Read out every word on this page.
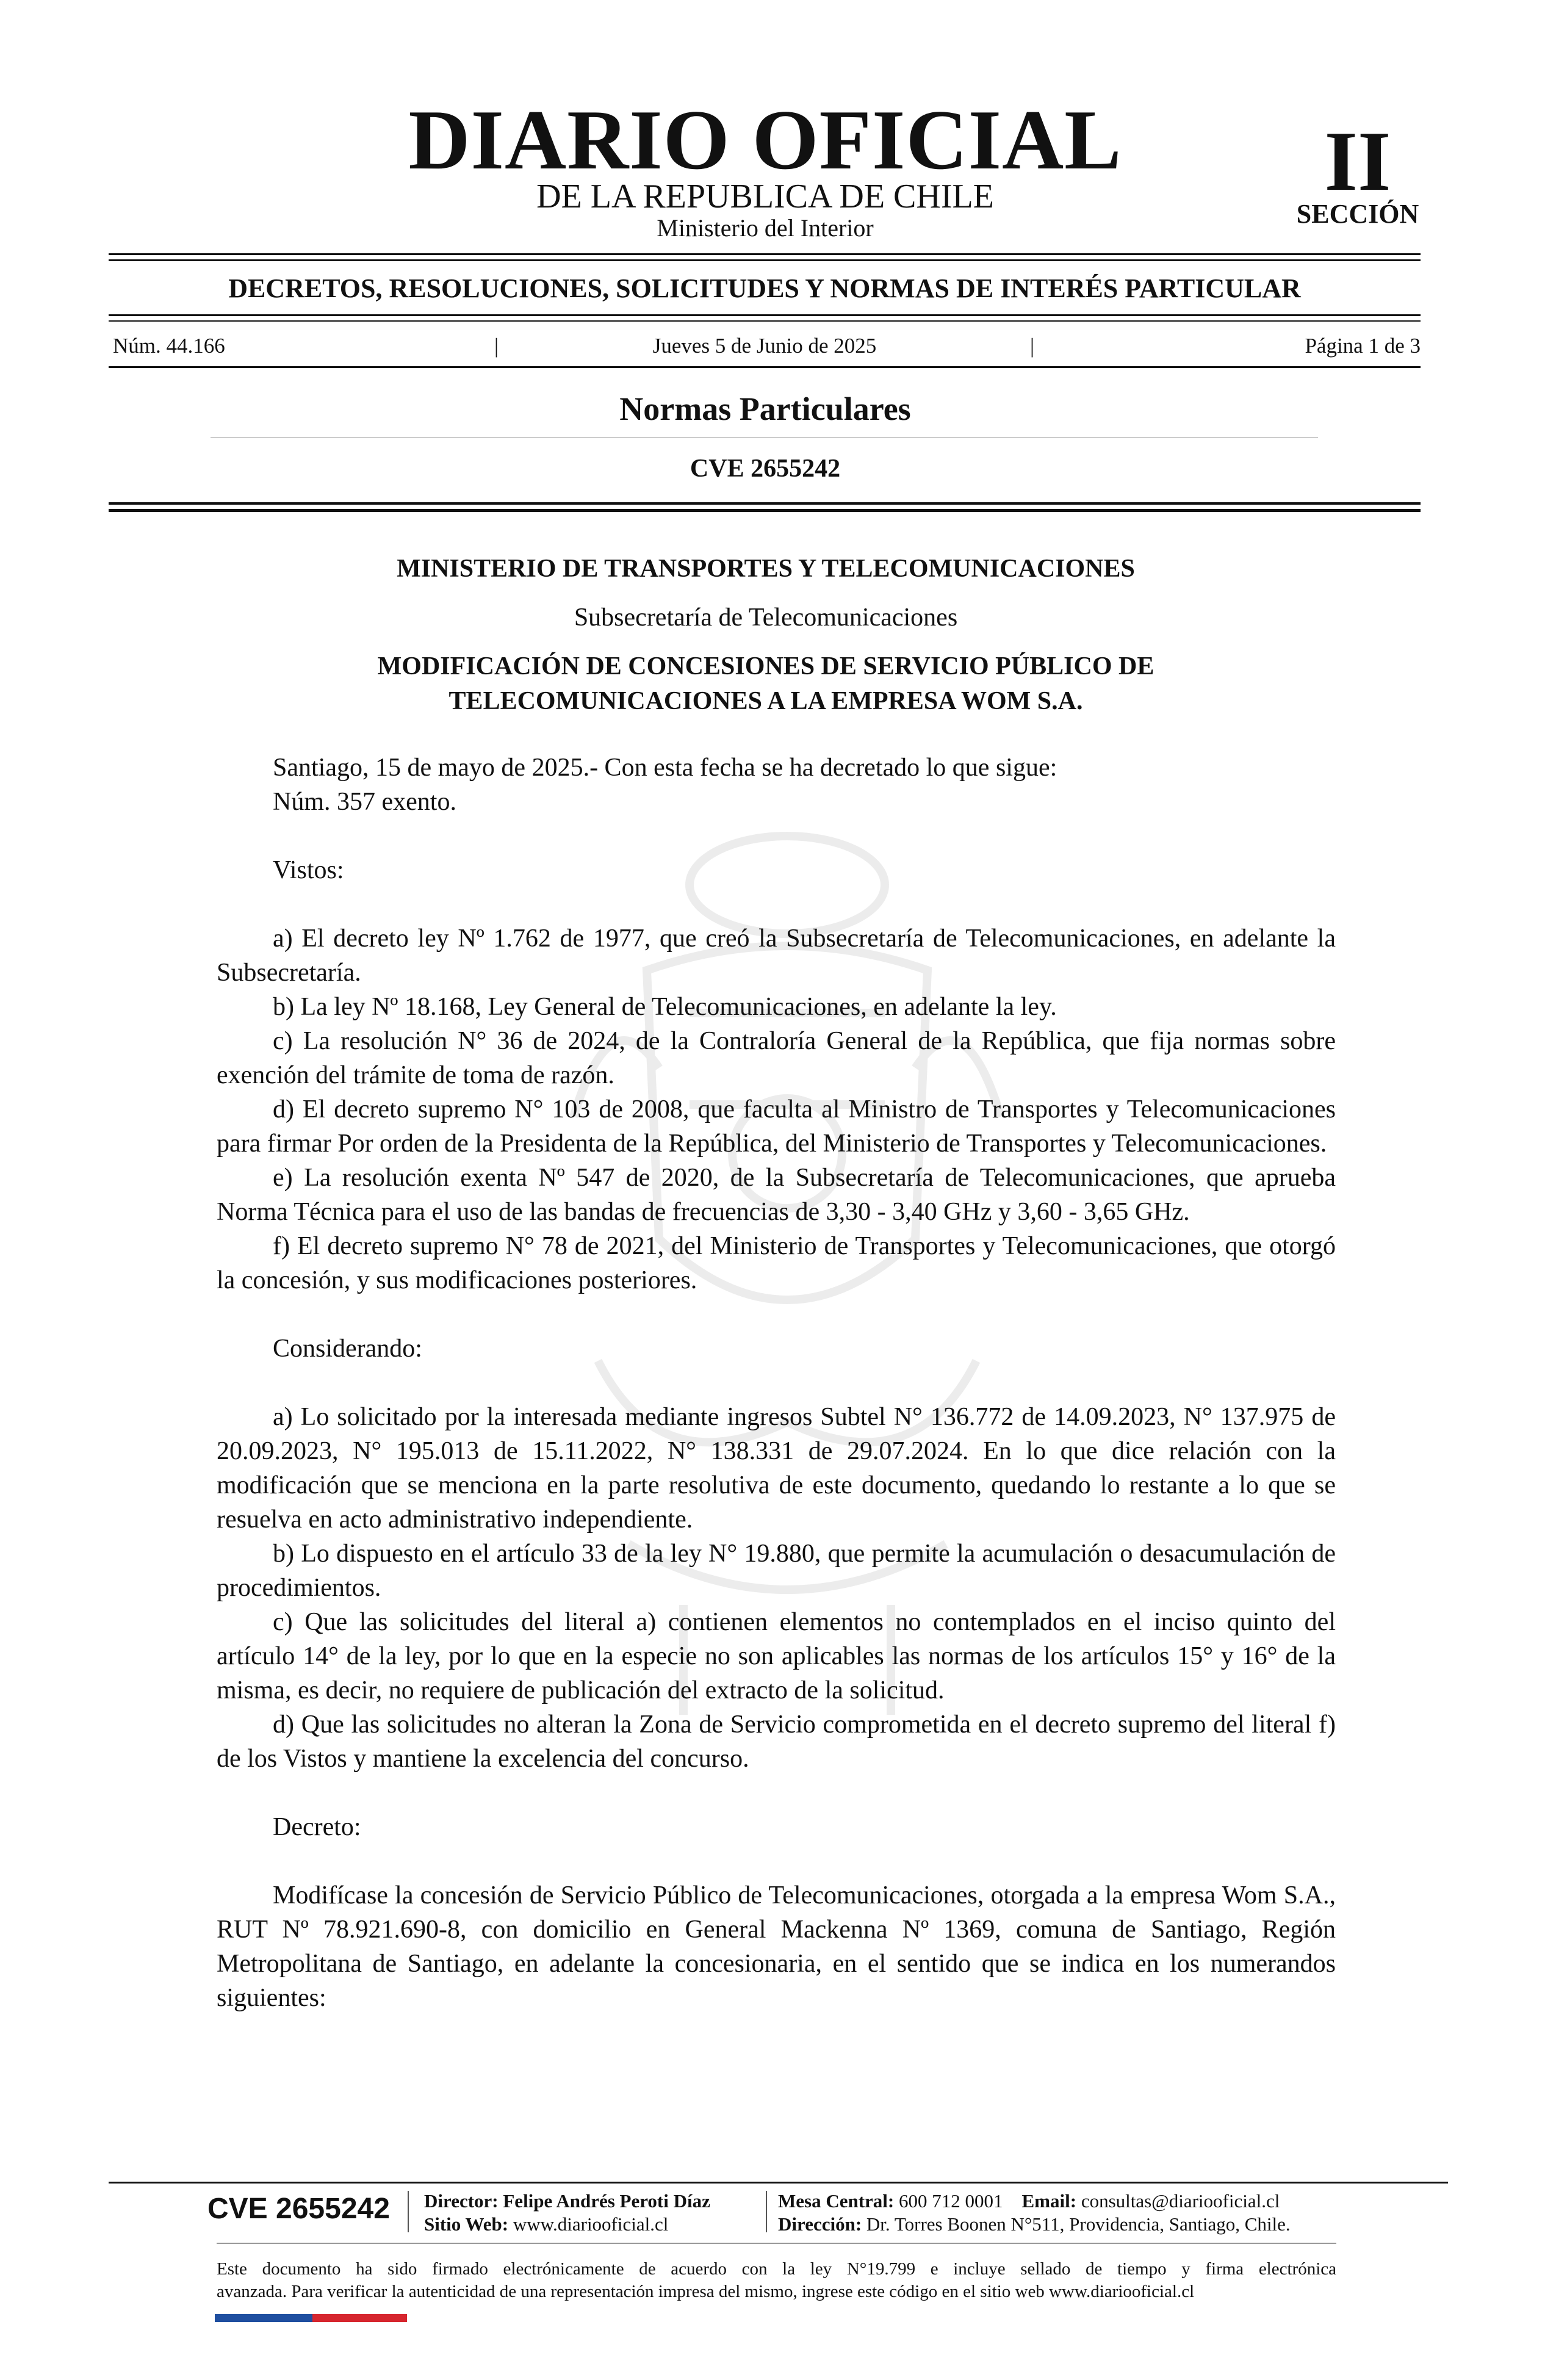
DIARIO OFICIAL
DE LA REPUBLICA DE CHILE
Ministerio del Interior
II
SECCIÓN
DECRETOS, RESOLUCIONES, SOLICITUDES Y NORMAS DE INTERÉS PARTICULAR
Núm. 44.166	|	Jueves 5 de Junio de 2025	|	Página 1 de 3
Normas Particulares
CVE 2655242
MINISTERIO DE TRANSPORTES Y TELECOMUNICACIONES
Subsecretaría de Telecomunicaciones
MODIFICACIÓN DE CONCESIONES DE SERVICIO PÚBLICO DE
TELECOMUNICACIONES A LA EMPRESA WOM S.A.

Santiago, 15 de mayo de 2025.- Con esta fecha se ha decretado lo que sigue:

Núm. 357 exento.

Vistos:

a) El decreto ley Nº 1.762 de 1977, que creó la Subsecretaría de Telecomunicaciones, en adelante la Subsecretaría.

b) La ley Nº 18.168, Ley General de Telecomunicaciones, en adelante la ley.

c) La resolución N° 36 de 2024, de la Contraloría General de la República, que fija normas sobre exención del trámite de toma de razón.

d) El decreto supremo N° 103 de 2008, que faculta al Ministro de Transportes y Telecomunicaciones para firmar Por orden de la Presidenta de la República, del Ministerio de Transportes y Telecomunicaciones.

e) La resolución exenta Nº 547 de 2020, de la Subsecretaría de Telecomunicaciones, que aprueba Norma Técnica para el uso de las bandas de frecuencias de 3,30 - 3,40 GHz y 3,60 - 3,65 GHz.

f) El decreto supremo N° 78 de 2021, del Ministerio de Transportes y Telecomunicaciones, que otorgó la concesión, y sus modificaciones posteriores.

Considerando:

a) Lo solicitado por la interesada mediante ingresos Subtel N° 136.772 de 14.09.2023, N° 137.975 de 20.09.2023, N° 195.013 de 15.11.2022, N° 138.331 de 29.07.2024. En lo que dice relación con la modificación que se menciona en la parte resolutiva de este documento, quedando lo restante a lo que se resuelva en acto administrativo independiente.

b) Lo dispuesto en el artículo 33 de la ley N° 19.880, que permite la acumulación o desacumulación de procedimientos.

c) Que las solicitudes del literal a) contienen elementos no contemplados en el inciso quinto del artículo 14° de la ley, por lo que en la especie no son aplicables las normas de los artículos 15° y 16° de la misma, es decir, no requiere de publicación del extracto de la solicitud.

d) Que las solicitudes no alteran la Zona de Servicio comprometida en el decreto supremo del literal f) de los Vistos y mantiene la excelencia del concurso.

Decreto:

Modifícase la concesión de Servicio Público de Telecomunicaciones, otorgada a la empresa Wom S.A., RUT Nº 78.921.690-8, con domicilio en General Mackenna Nº 1369, comuna de Santiago, Región Metropolitana de Santiago, en adelante la concesionaria, en el sentido que se indica en los numerandos siguientes:

CVE 2655242 Director: Felipe Andrés Peroti Díaz
Sitio Web: www.diariooficial.cl
Mesa Central: 600 712 0001 Email: consultas@diariooficial.cl
Dirección: Dr. Torres Boonen N°511, Providencia, Santiago, Chile.
Este documento ha sido firmado electrónicamente de acuerdo con la ley N°19.799 e incluye sellado de tiempo y firma electrónica
avanzada. Para verificar la autenticidad de una representación impresa del mismo, ingrese este código en el sitio web www.diariooficial.cl
